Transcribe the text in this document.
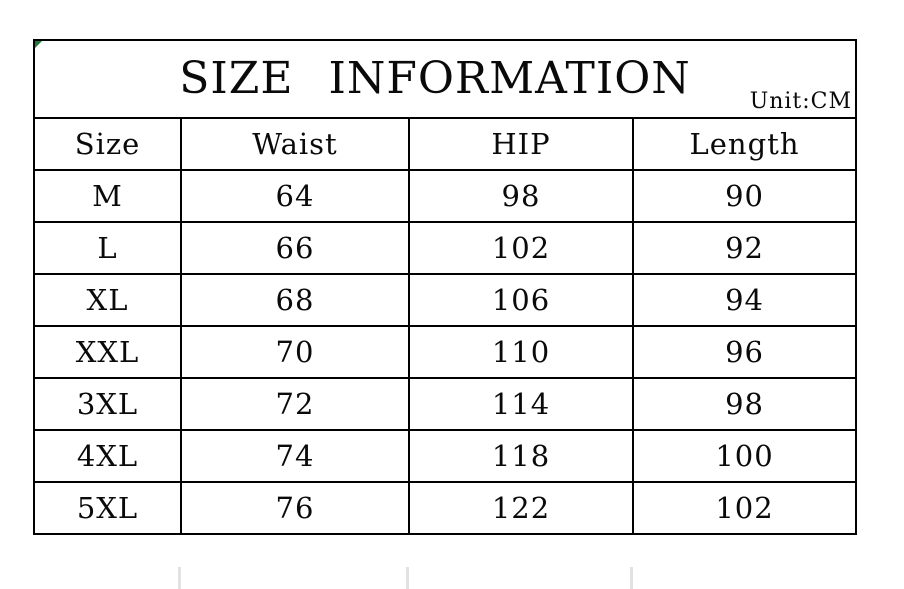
SIZE INFORMATION Unit:CM			

Size	Waist	HIP	Length
M	64	98	90
L	66	102	92
XL	68	106	94
XXL	70	110	96
3XL	72	114	98
4XL	74	118	100
5XL	76	122	102
